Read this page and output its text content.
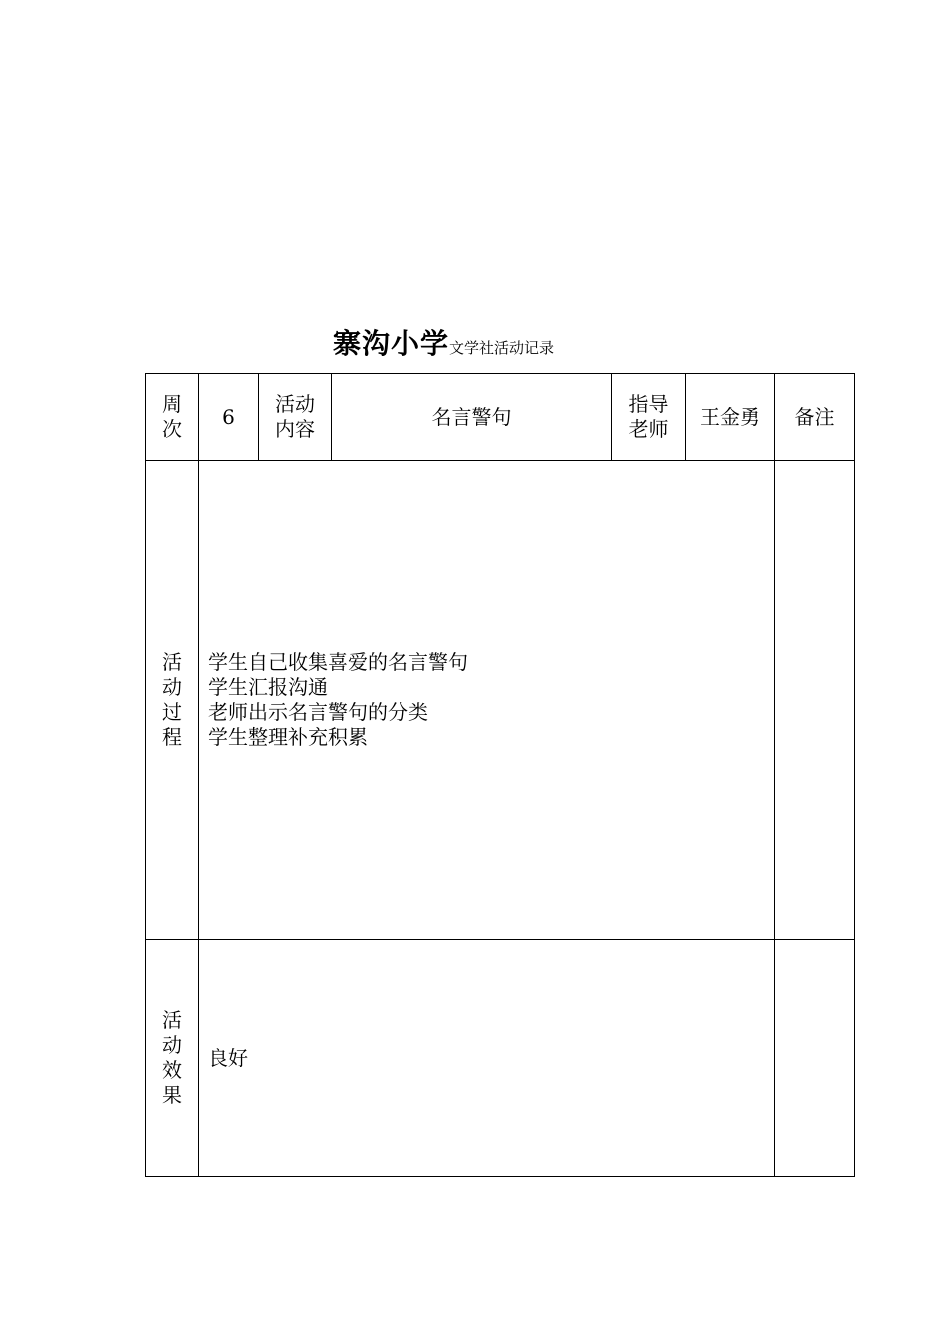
寨沟小学文学社活动记录
周次	6	活动内容	名言警句	指导老师	王金勇	备注

活动过程	学生自己收集喜爱的名言警句
学生汇报沟通
老师出示名言警句的分类
学生整理补充积累					

活动效果	良好					
